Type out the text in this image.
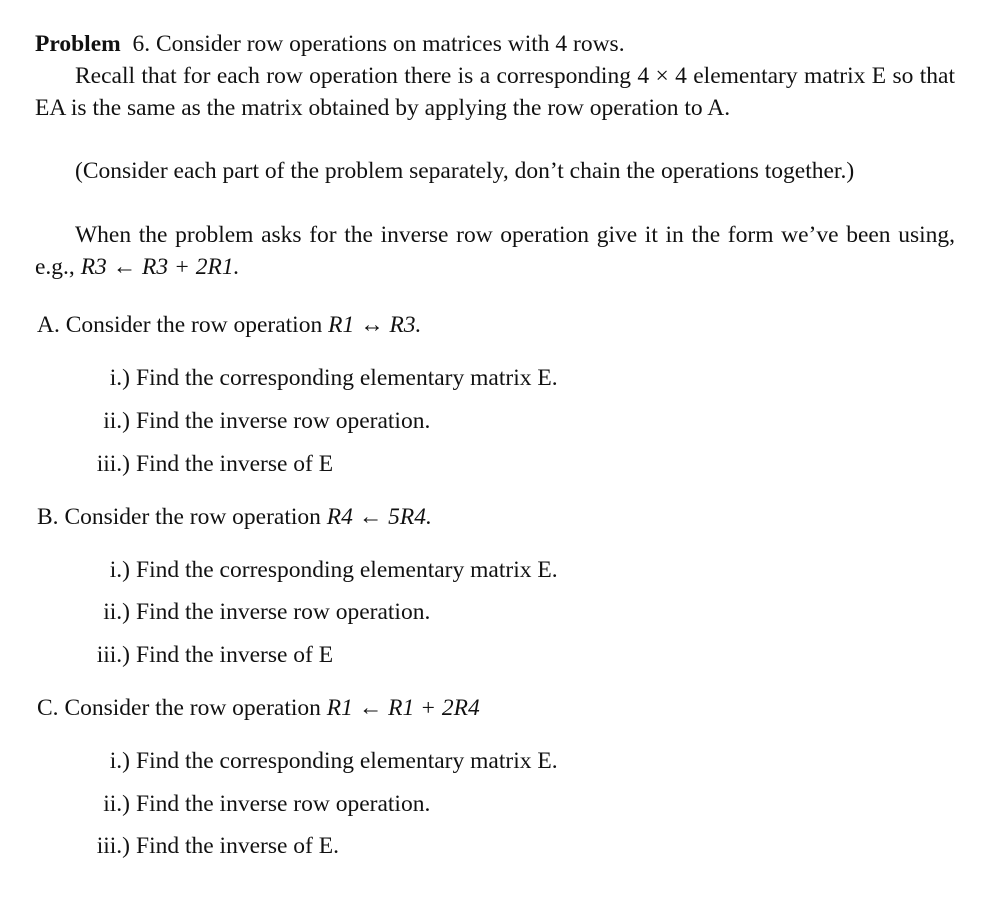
Problem 6. Consider row operations on matrices with 4 rows.
Recall that for each row operation there is a corresponding 4 × 4 elementary matrix E so that EA is the same as the matrix obtained by applying the row operation to A.
(Consider each part of the problem separately, don’t chain the operations together.)
When the problem asks for the inverse row operation give it in the form we’ve been using, e.g., R3 ← R3 + 2R1.
A. Consider the row operation R1 ↔ R3.
i.) Find the corresponding elementary matrix E.
ii.) Find the inverse row operation.
iii.) Find the inverse of E
B. Consider the row operation R4 ← 5R4.
i.) Find the corresponding elementary matrix E.
ii.) Find the inverse row operation.
iii.) Find the inverse of E
C. Consider the row operation R1 ← R1 + 2R4
i.) Find the corresponding elementary matrix E.
ii.) Find the inverse row operation.
iii.) Find the inverse of E.
